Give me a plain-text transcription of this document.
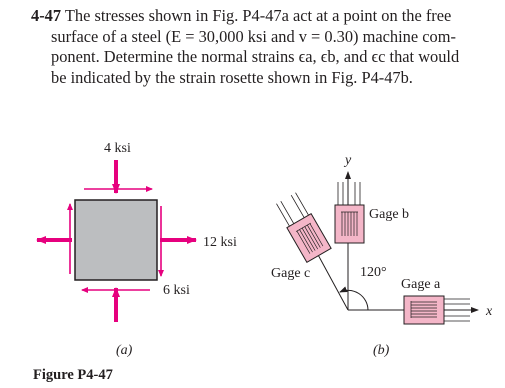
4-47 The stresses shown in Fig. P4-47a act at a point on the free
surface of a steel (E = 30,000 ksi and v = 0.30) machine com-
ponent. Determine the normal strains ϵa, ϵb, and ϵc that would
be indicated by the strain rosette shown in Fig. P4-47b.
4 ksi
12 ksi
6 ksi
(a)
y
x
120°
Gage b
Gage c
Gage a
(b)
Figure P4-47
